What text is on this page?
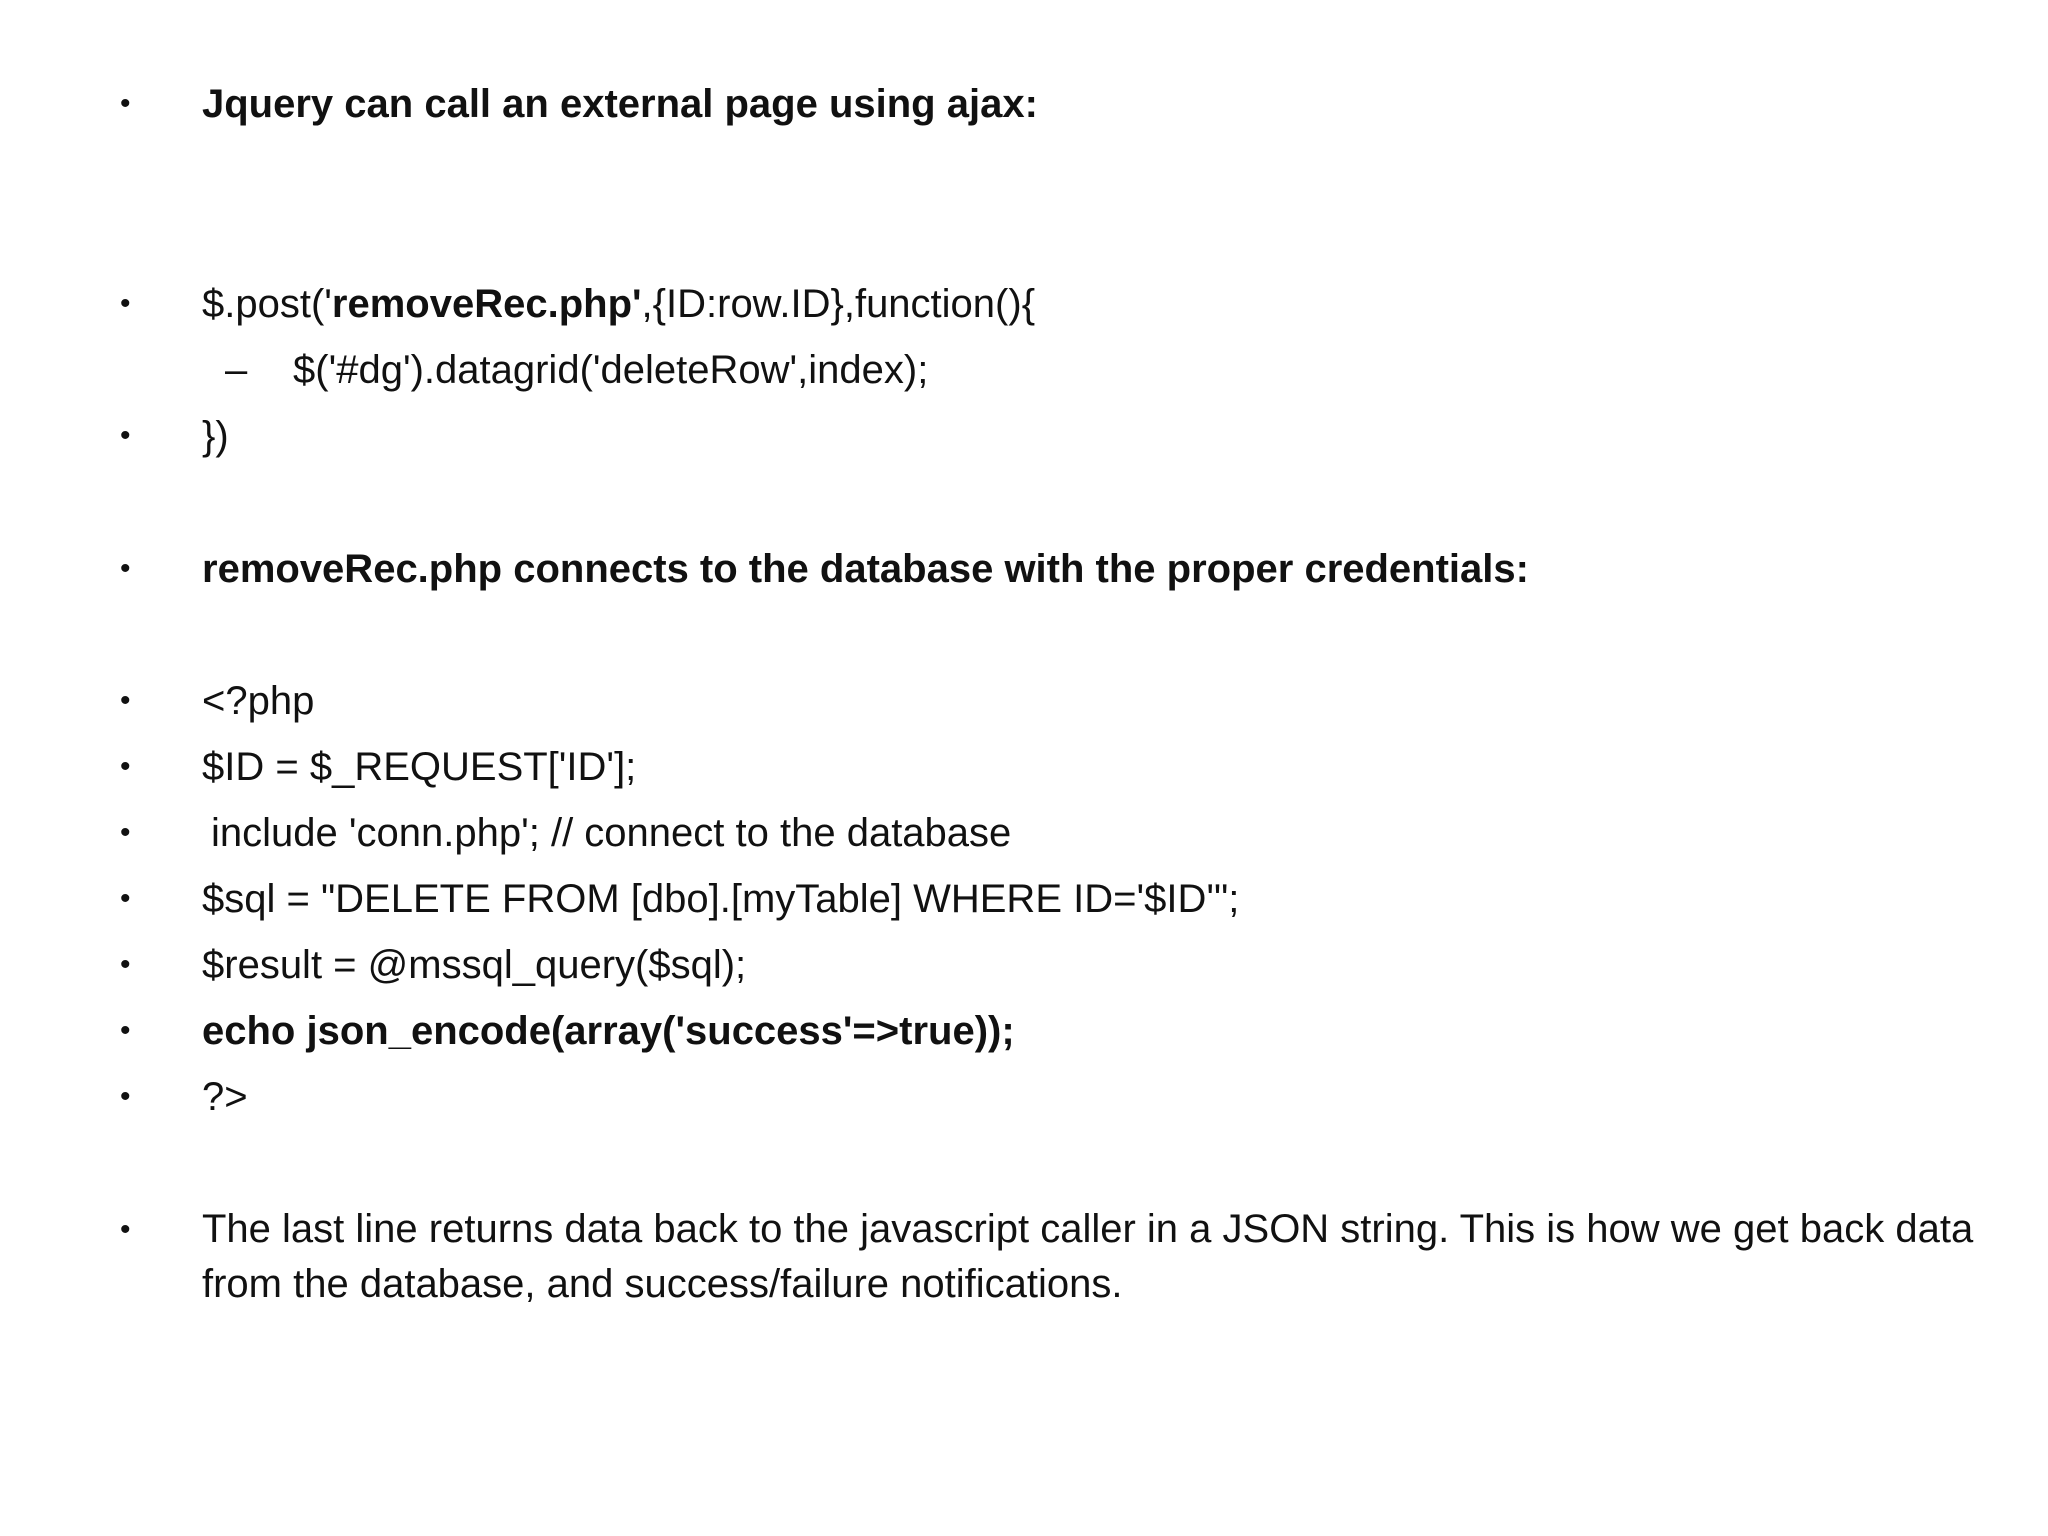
• Jquery can call an external page using ajax:
• $.post('removeRec.php',{ID:row.ID},function(){
– $('#dg').datagrid('deleteRow',index);
• })
• removeRec.php connects to the database with the proper credentials:
• <?php
• $ID = $_REQUEST['ID'];
• include 'conn.php'; // connect to the database
• $sql = "DELETE FROM [dbo].[myTable] WHERE ID='$ID'";
• $result = @mssql_query($sql);
• echo json_encode(array('success'=>true));
• ?>
• The last line returns data back to the javascript caller in a JSON string. This is how we get back data from the database, and success/failure notifications.
